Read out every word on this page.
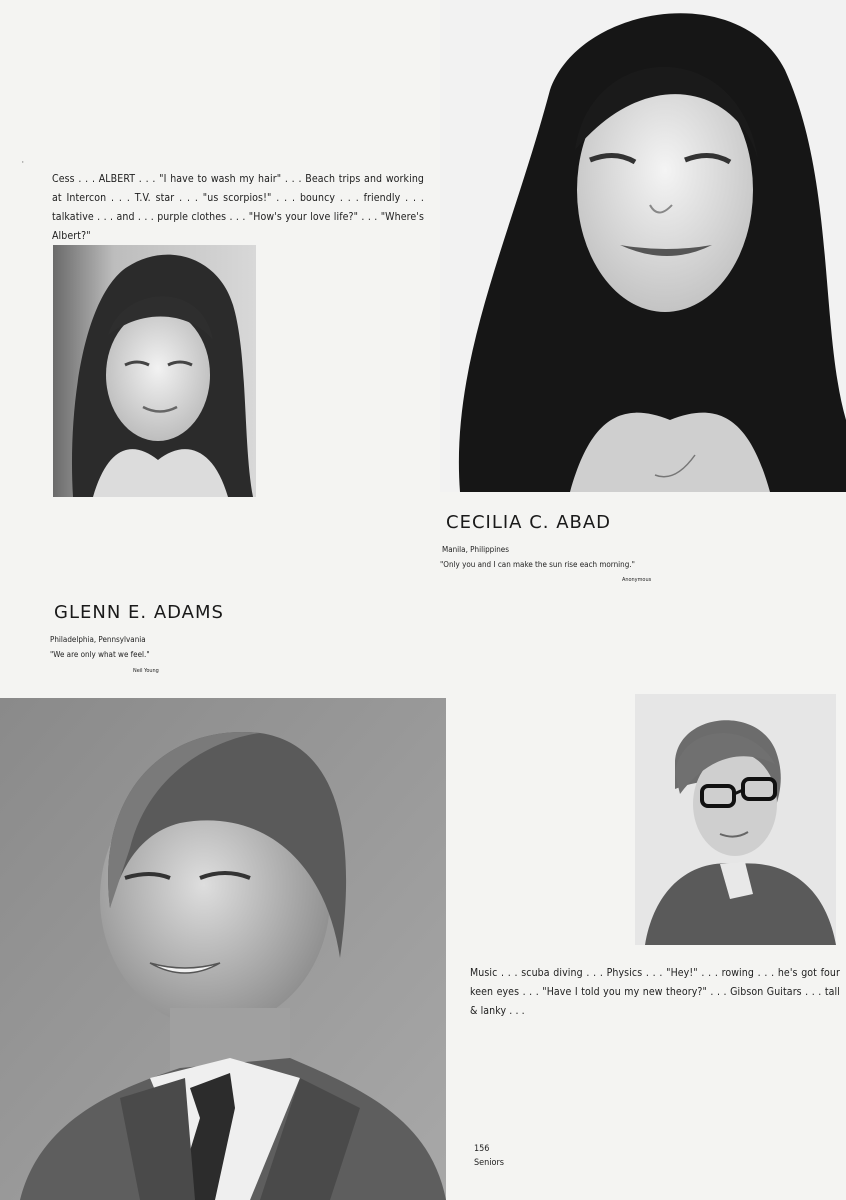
'
Cess . . . ALBERT . . . "I have to wash my hair" . . . Beach trips and working at Intercon . . . T.V. star . . . "us scorpios!" . . . bouncy . . . friendly . . . talkative . . . and . . . purple clothes . . . "How's your love life?" . . . "Where's Albert?"
CECILIA C. ABAD
Manila, Philippines
"Only you and I can make the sun rise each morning."
Anonymous
GLENN E. ADAMS
Philadelphia, Pennsylvania
"We are only what we feel."
Neil Young
Music . . . scuba diving . . . Physics . . . "Hey!" . . . rowing . . . he's got four keen eyes . . . "Have I told you my new theory?" . . . Gibson Guitars . . . tall & lanky . . .
156
Seniors
